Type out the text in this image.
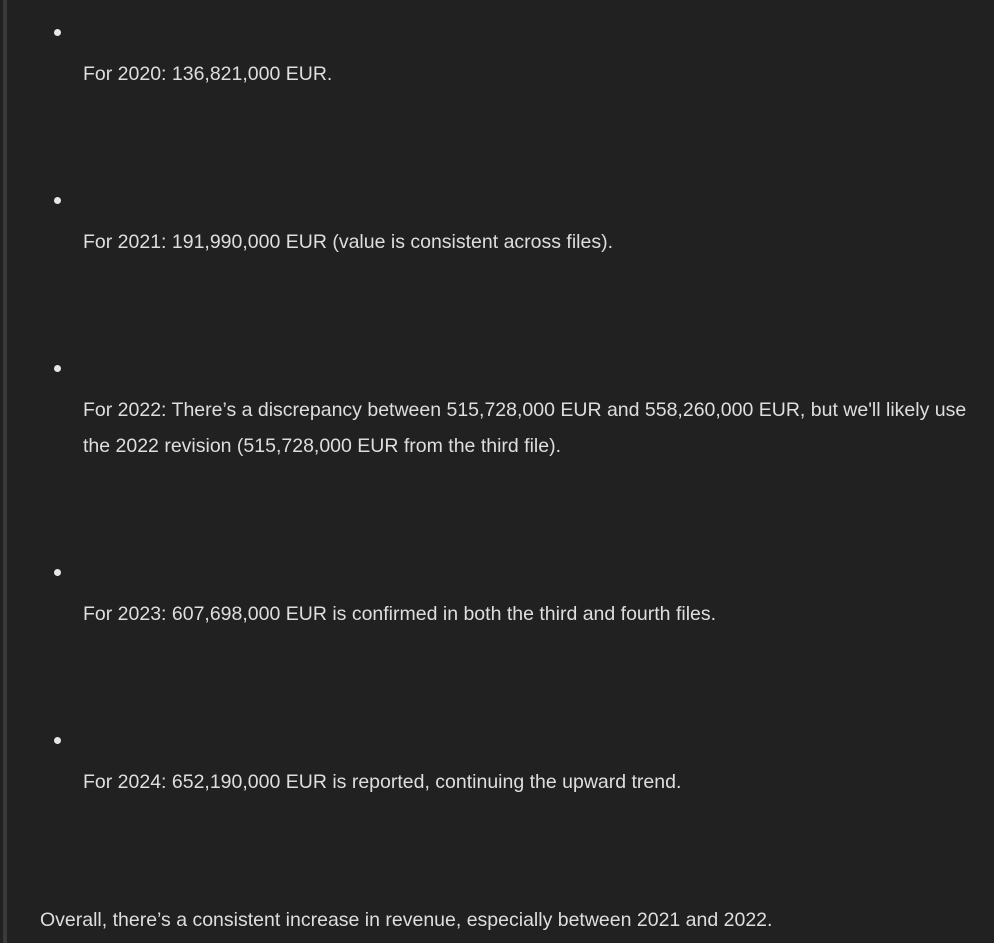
For 2020: 136,821,000 EUR.
For 2021: 191,990,000 EUR (value is consistent across files).
For 2022: There’s a discrepancy between 515,728,000 EUR and 558,260,000 EUR, but we'll likely use the 2022 revision (515,728,000 EUR from the third file).
For 2023: 607,698,000 EUR is confirmed in both the third and fourth files.
For 2024: 652,190,000 EUR is reported, continuing the upward trend.

Overall, there’s a consistent increase in revenue, especially between 2021 and 2022.
